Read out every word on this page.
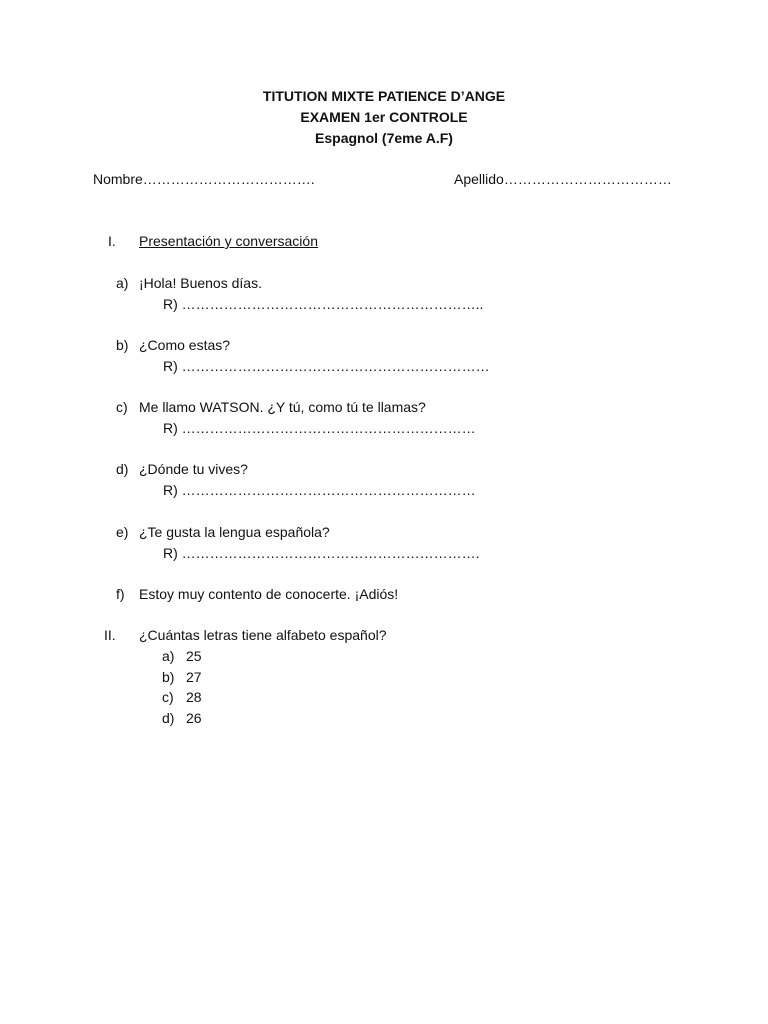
TITUTION MIXTE PATIENCE D’ANGE
EXAMEN 1er CONTROLE
Espagnol (7eme A.F)
Nombre……………………………….	Apellido………………………………
I. Presentación y conversación
a) ¡Hola! Buenos días.
R) ………………………………………………………..
b) ¿Como estas?
R) …………………………………………………………
c) Me llamo WATSON. ¿Y tú, como tú te llamas?
R) ………………………………………………………
d) ¿Dónde tu vives?
R) ………………………………………………………
e) ¿Te gusta la lengua española?
R) ……………………………………………………….
f) Estoy muy contento de conocerte. ¡Adiós!
II. ¿Cuántas letras tiene alfabeto español?
a) 25
b) 27
c) 28
d) 26
